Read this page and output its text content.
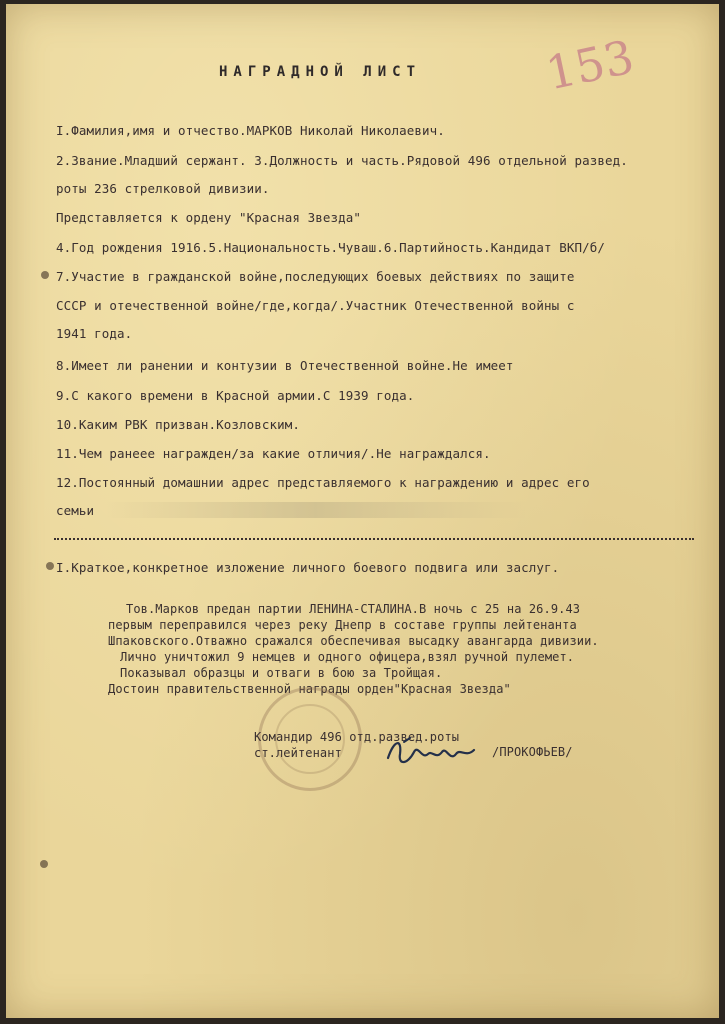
НАГРАДНОЙ ЛИСТ	153
I.Фамилия,имя и отчество.МАРКОВ Николай Николаевич.
2.Звание.Младший сержант. 3.Должность и часть.Рядовой 496 отдельной развед.
роты 236 стрелковой дивизии.
Представляется к ордену "Красная Звезда"
4.Год рождения 1916.5.Национальность.Чуваш.6.Партийность.Кандидат ВКП/б/
7.Участие в гражданской войне,последующих боевых действиях по защите
СССР и отечественной войне/где,когда/.Участник Отечественной войны с
1941 года.
8.Имеет ли ранении и контузии в Отечественной войне.Не имеет
9.С какого времени в Красной армии.С 1939 года.
10.Каким РВК призван.Козловским.
11.Чем ранеее награжден/за какие отличия/.Не награждался.
12.Постоянный домашнии адрес представляемого к награждению и адрес его
семьи
I.Краткое,конкретное изложение личного боевого подвига или заслуг.
Тов.Марков предан партии ЛЕНИНА-СТАЛИНА.В ночь с 25 на 26.9.43
первым переправился через реку Днепр в составе группы лейтенанта
Шпаковского.Отважно сражался обеспечивая высадку авангарда дивизии.
Лично уничтожил 9 немцев и одного офицера,взял ручной пулемет.
Показывал образцы и отваги в бою за Тройщая.
Достоин правительственной награды орден"Красная Звезда"
Командир 496 отд.развед.роты
ст.лейтенант	/ПРОКОФЬЕВ/
